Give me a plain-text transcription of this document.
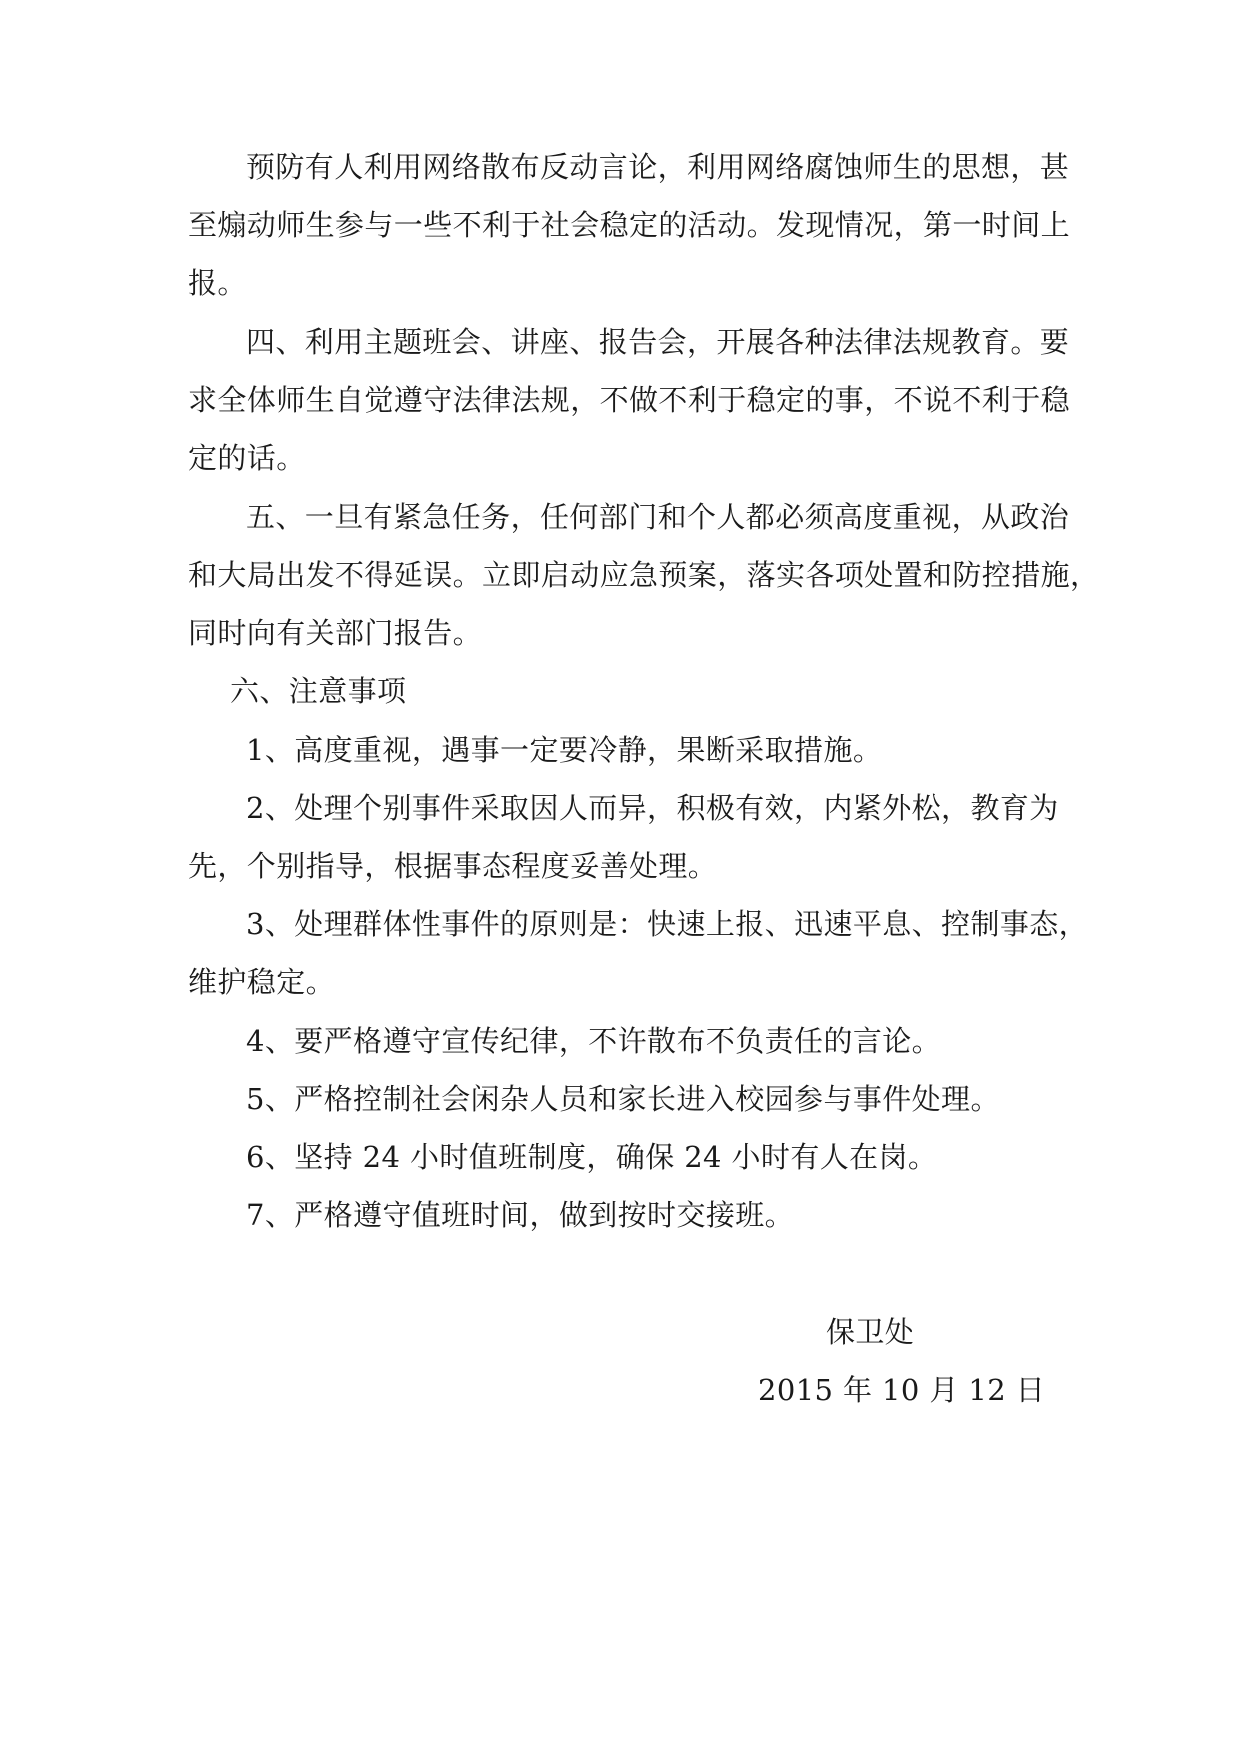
预防有人利用网络散布反动言论，利用网络腐蚀师生的思想，甚
至煽动师生参与一些不利于社会稳定的活动。发现情况，第一时间上
报。
四、利用主题班会、讲座、报告会，开展各种法律法规教育。要
求全体师生自觉遵守法律法规，不做不利于稳定的事，不说不利于稳
定的话。
五、一旦有紧急任务，任何部门和个人都必须高度重视，从政治
和大局出发不得延误。立即启动应急预案，落实各项处置和防控措施，
同时向有关部门报告。
六、注意事项
1、高度重视，遇事一定要冷静，果断采取措施。
2、处理个别事件采取因人而异，积极有效，内紧外松，教育为
先，个别指导，根据事态程度妥善处理。
3、处理群体性事件的原则是：快速上报、迅速平息、控制事态，
维护稳定。
4、要严格遵守宣传纪律，不许散布不负责任的言论。
5、严格控制社会闲杂人员和家长进入校园参与事件处理。
6、坚持 24 小时值班制度，确保 24 小时有人在岗。
7、严格遵守值班时间，做到按时交接班。
保卫处
2015 年 10 月 12 日
